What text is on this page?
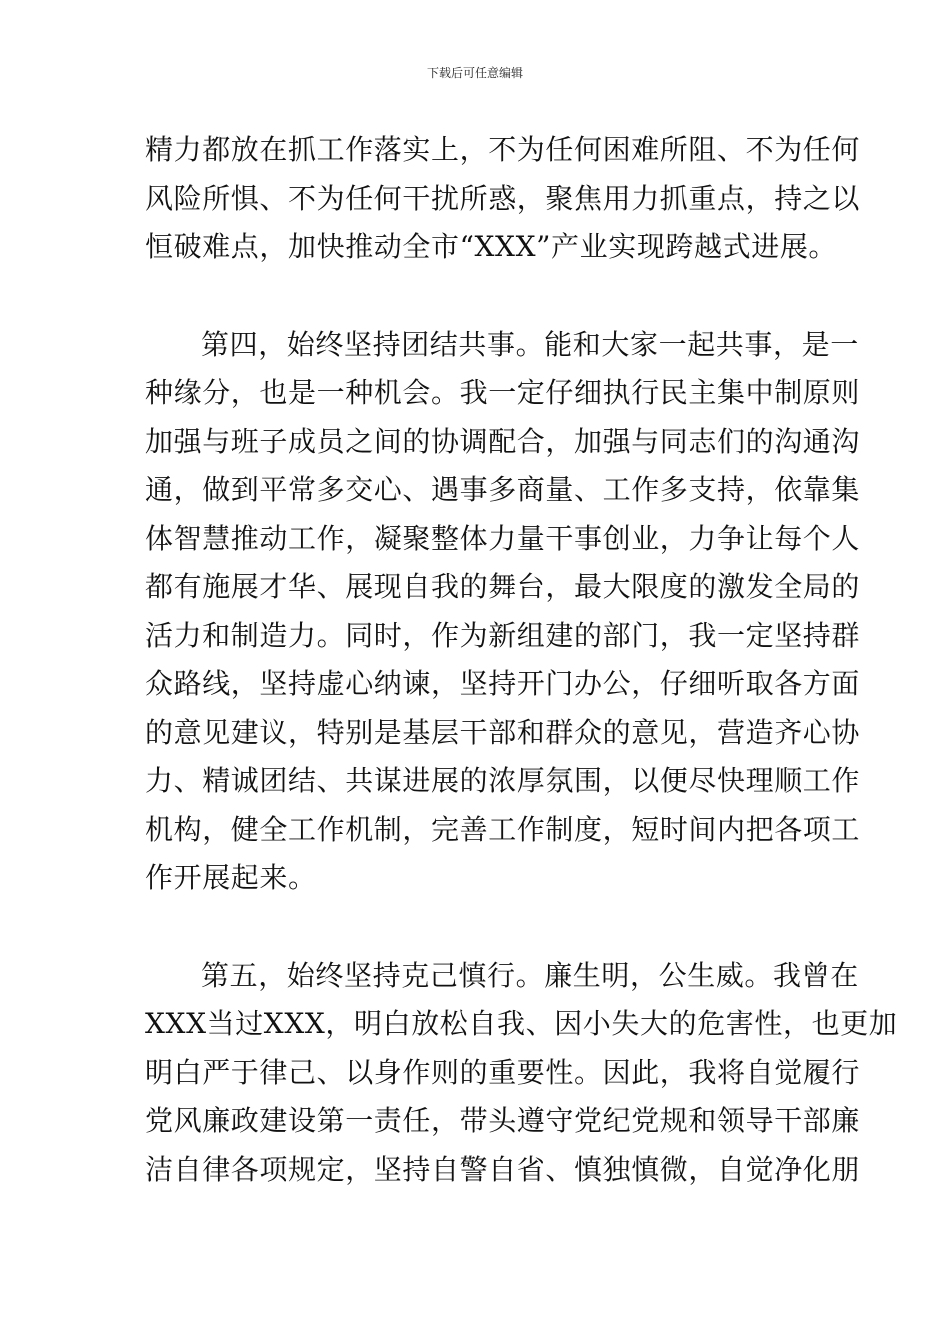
下载后可任意编辑
精力都放在抓工作落实上，不为任何困难所阻、不为任何
风险所惧、不为任何干扰所惑，聚焦用力抓重点，持之以
恒破难点，加快推动全市“XXX”产业实现跨越式进展。
第四，始终坚持团结共事。能和大家一起共事，是一
种缘分，也是一种机会。我一定仔细执行民主集中制原则
加强与班子成员之间的协调配合，加强与同志们的沟通沟
通，做到平常多交心、遇事多商量、工作多支持，依靠集
体智慧推动工作，凝聚整体力量干事创业，力争让每个人
都有施展才华、展现自我的舞台，最大限度的激发全局的
活力和制造力。同时，作为新组建的部门，我一定坚持群
众路线，坚持虚心纳谏，坚持开门办公，仔细听取各方面
的意见建议，特别是基层干部和群众的意见，营造齐心协
力、精诚团结、共谋进展的浓厚氛围，以便尽快理顺工作
机构，健全工作机制，完善工作制度，短时间内把各项工
作开展起来。
第五，始终坚持克己慎行。廉生明，公生威。我曾在
XXX当过XXX，明白放松自我、因小失大的危害性，也更加
明白严于律己、以身作则的重要性。因此，我将自觉履行
党风廉政建设第一责任，带头遵守党纪党规和领导干部廉
洁自律各项规定，坚持自警自省、慎独慎微，自觉净化朋
